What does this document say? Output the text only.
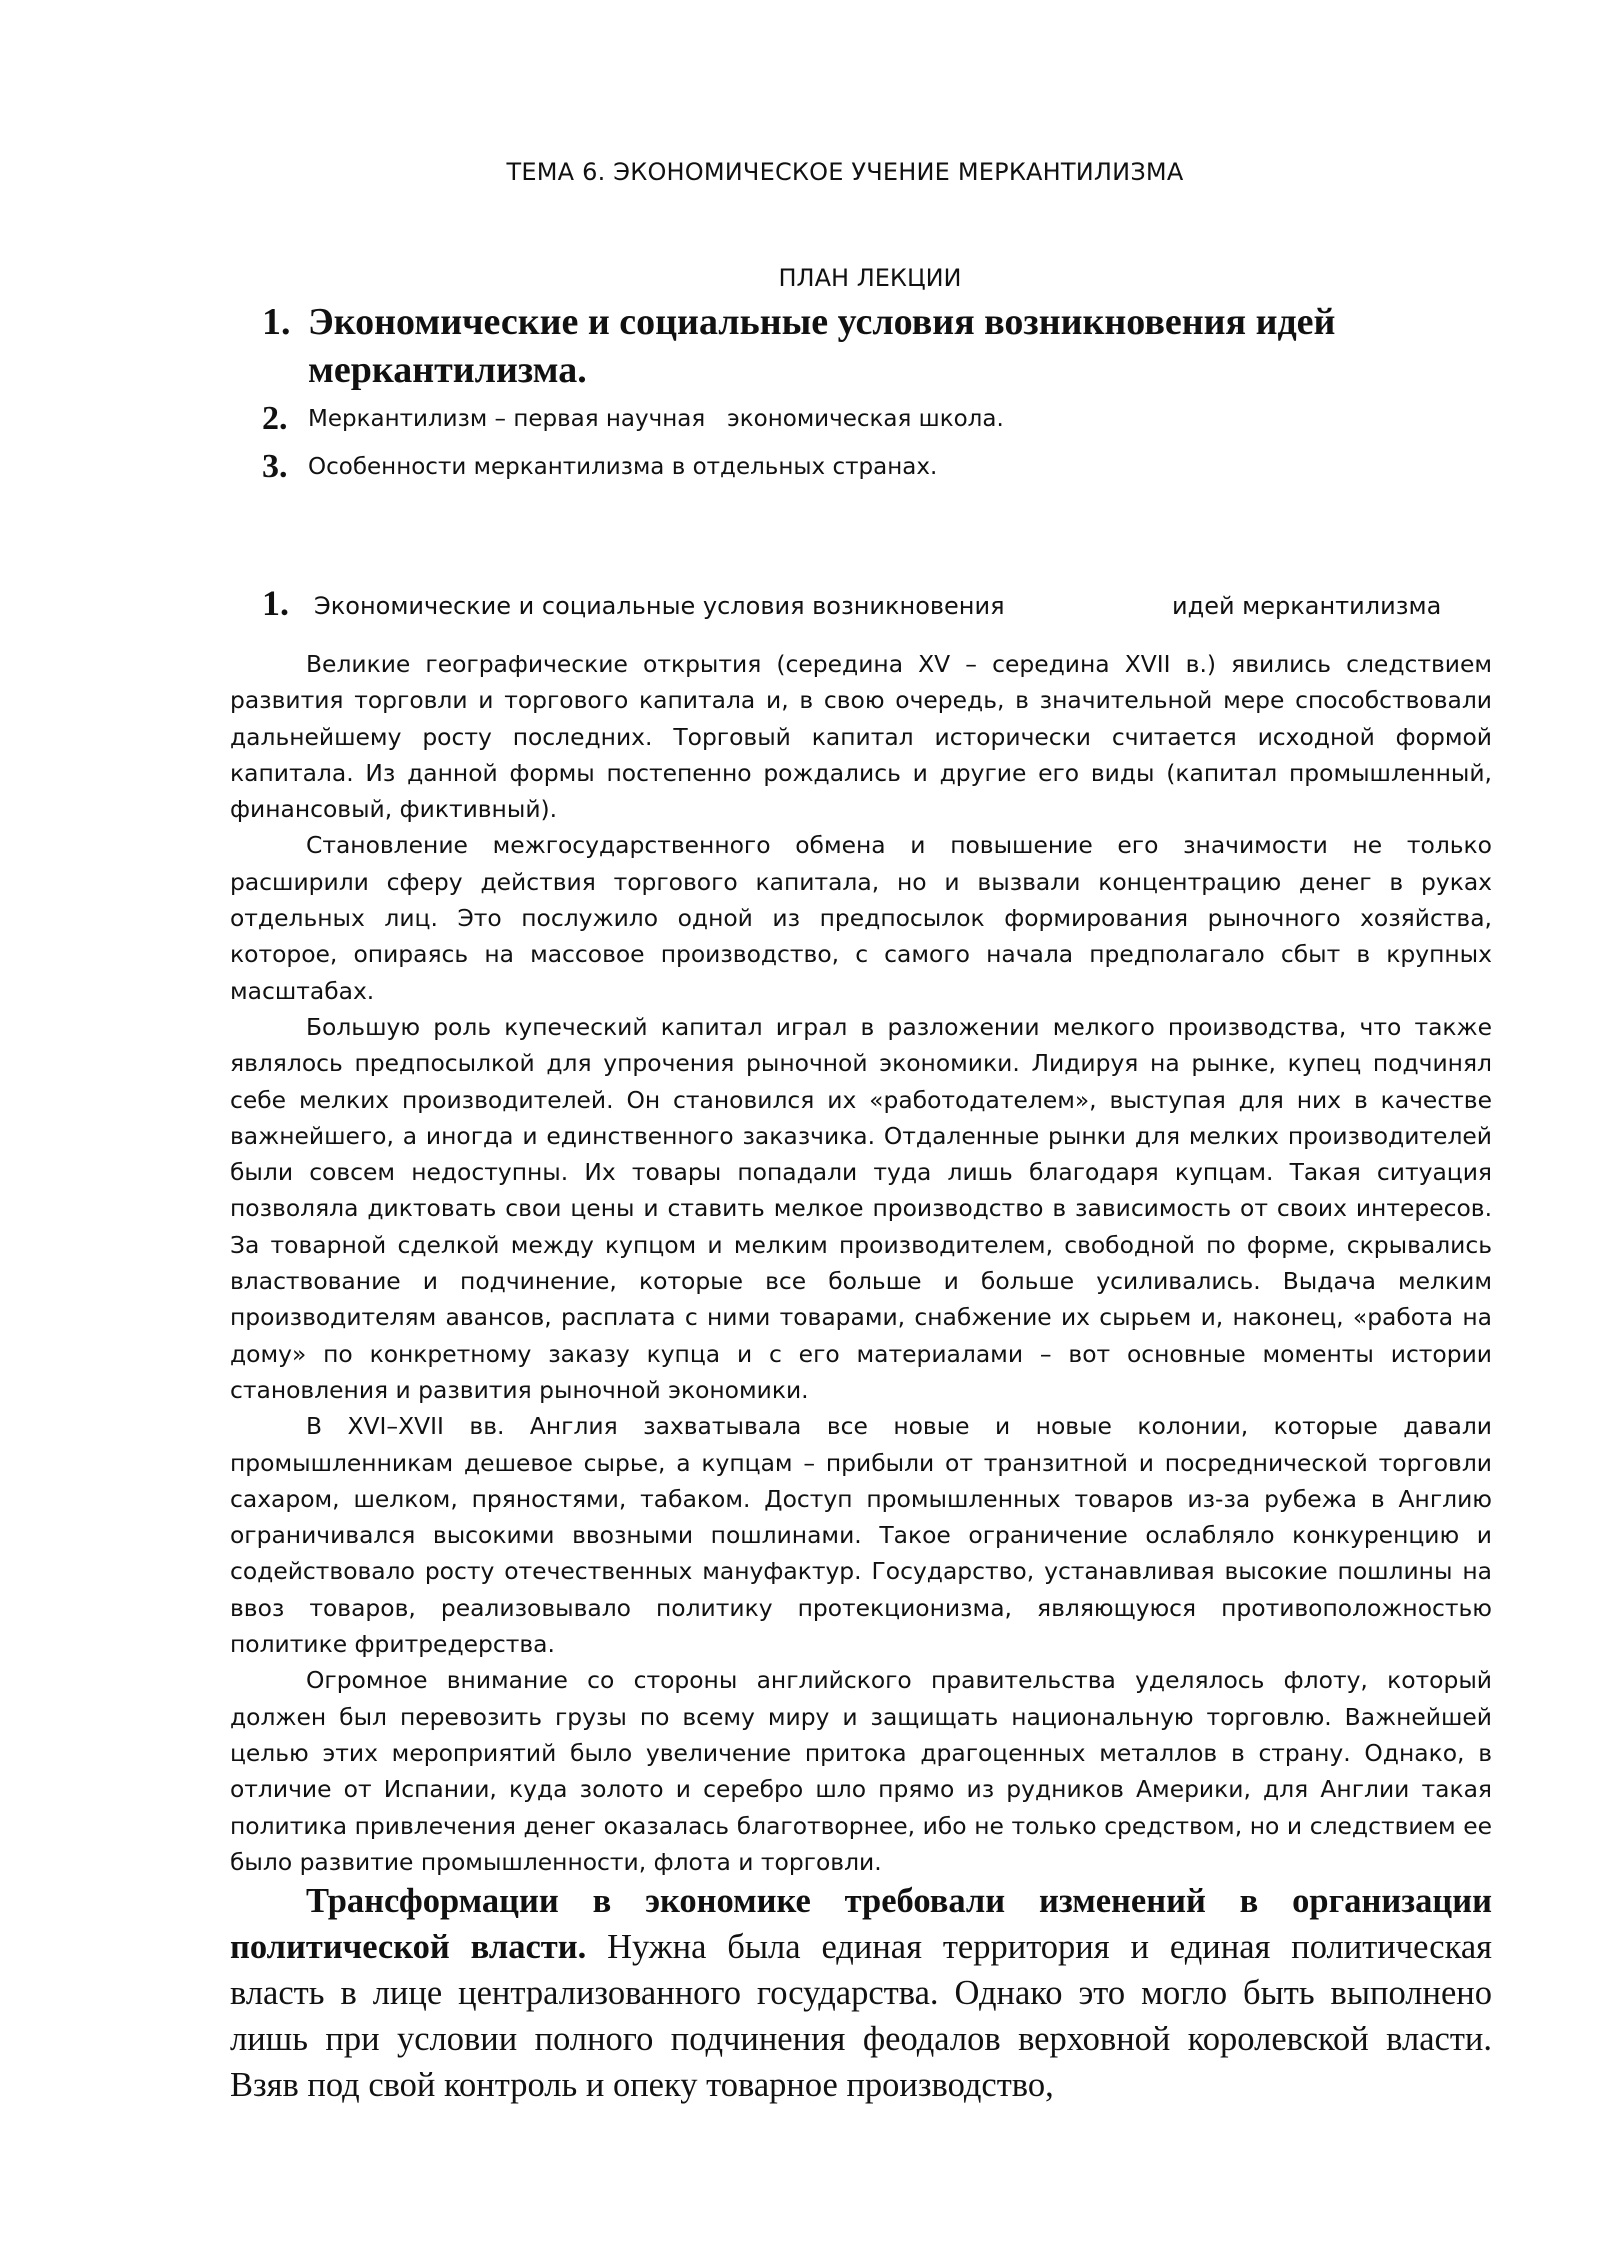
ТЕМА 6. ЭКОНОМИЧЕСКОЕ УЧЕНИЕ МЕРКАНТИЛИЗМА
ПЛАН ЛЕКЦИИ
1. Экономические и социальные условия возникновения идей меркантилизма.
2. Меркантилизм – первая научная   экономическая школа.
3. Особенности меркантилизма в отдельных странах.
1. Экономические и социальные условия возникновения	идей меркантилизма

Великие географические открытия (середина XV – середина XVII в.) явились следствием развития торговли и торгового капитала и, в свою очередь, в значительной мере способствовали дальнейшему росту последних. Торговый капитал исторически считается исходной формой капитала. Из данной формы постепенно рождались и другие его виды (капитал промышленный, финансовый, фиктивный).

Становление межгосударственного обмена и повышение его значимости не только расширили сферу действия торгового капитала, но и вызвали концентрацию денег в руках отдельных лиц. Это послужило одной из предпосылок формирования рыночного хозяйства, которое, опираясь на массовое производство, с самого начала предполагало сбыт в крупных масштабах.

Большую роль купеческий капитал играл в разложении мелкого производства, что также являлось предпосылкой для упрочения рыночной экономики. Лидируя на рынке, купец подчинял себе мелких производителей. Он становился их «работодателем», выступая для них в качестве важнейшего, а иногда и единственного заказчика. Отдаленные рынки для мелких производителей были совсем недоступны. Их товары попадали туда лишь благодаря купцам. Такая ситуация позволяла диктовать свои цены и ставить мелкое производство в зависимость от своих интересов. За товарной сделкой между купцом и мелким производителем, свободной по форме, скрывались властвование и подчинение, которые все больше и больше усиливались. Выдача мелким производителям авансов, расплата с ними товарами, снабжение их сырьем и, наконец, «работа на дому» по конкретному заказу купца и с его материалами – вот основные моменты истории становления и развития рыночной экономики.

В XVI–XVII вв. Англия захватывала все новые и новые колонии, которые давали промышленникам дешевое сырье, а купцам – прибыли от транзитной и посреднической торговли сахаром, шелком, пряностями, табаком. Доступ промышленных товаров из-за рубежа в Англию ограничивался высокими ввозными пошлинами. Такое ограничение ослабляло конкуренцию и содействовало росту отечественных мануфактур. Государство, устанавливая высокие пошлины на ввоз товаров, реализовывало политику протекционизма, являющуюся противоположностью политике фритредерства.

Огромное внимание со стороны английского правительства уделялось флоту, который должен был перевозить грузы по всему миру и защищать национальную торговлю. Важнейшей целью этих мероприятий было увеличение притока драгоценных металлов в страну. Однако, в отличие от Испании, куда золото и серебро шло прямо из рудников Америки, для Англии такая политика привлечения денег оказалась благотворнее, ибо не только средством, но и следствием ее было развитие промышленности, флота и торговли.

Трансформации в экономике требовали изменений в организации политической власти. Нужна была единая территория и единая политическая власть в лице централизованного государства. Однако это могло быть выполнено лишь при условии полного подчинения феодалов верховной королевской власти. Взяв под свой контроль и опеку товарное производство,
